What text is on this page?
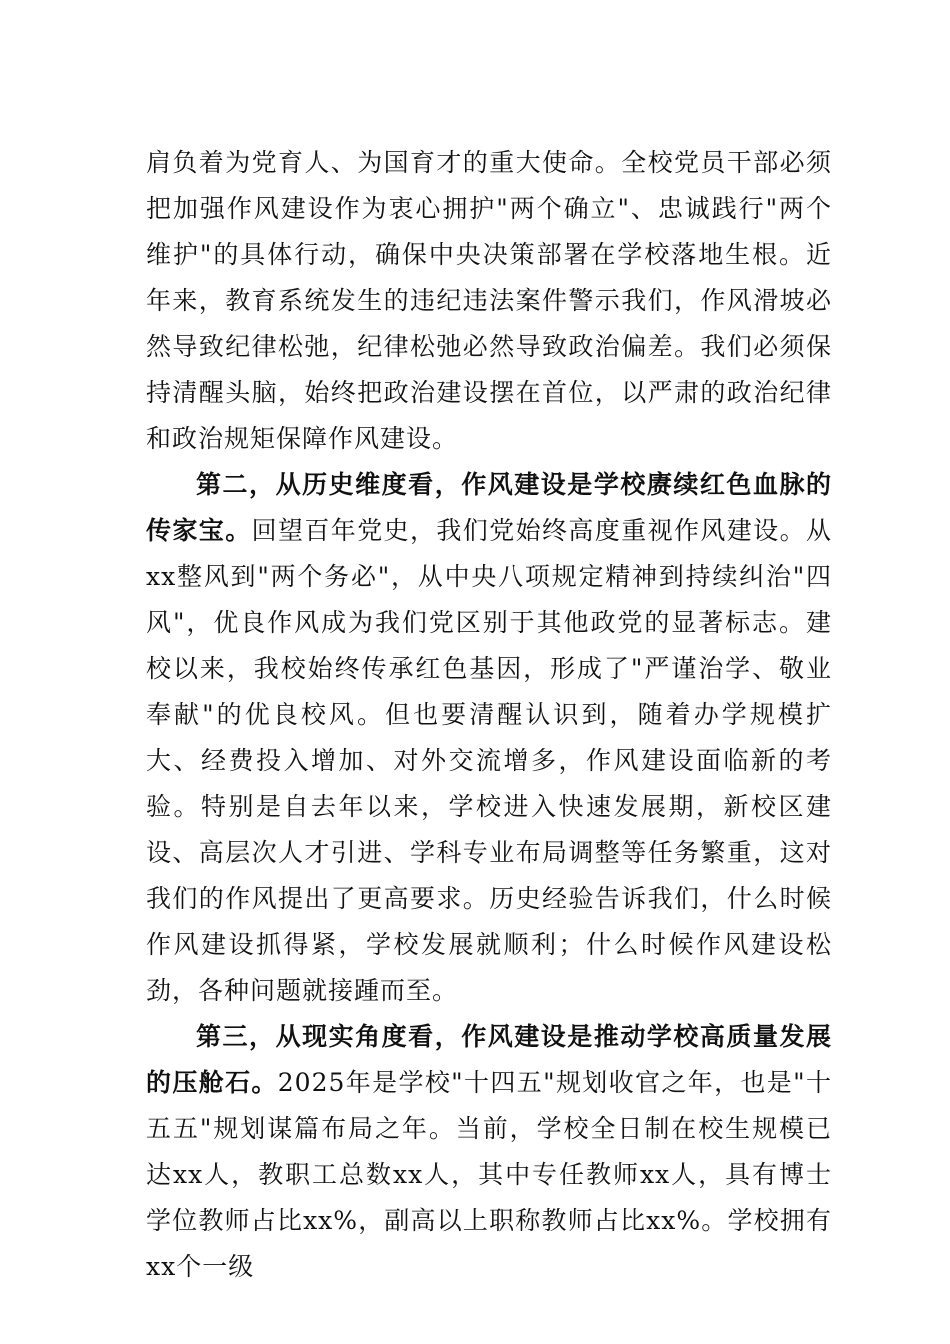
肩负着为党育人、为国育才的重大使命。全校党员干部必须把加强作风建设作为衷心拥护"两个确立"、忠诚践行"两个维护"的具体行动，确保中央决策部署在学校落地生根。近年来，教育系统发生的违纪违法案件警示我们，作风滑坡必然导致纪律松弛，纪律松弛必然导致政治偏差。我们必须保持清醒头脑，始终把政治建设摆在首位，以严肃的政治纪律和政治规矩保障作风建设。

第二，从历史维度看，作风建设是学校赓续红色血脉的传家宝。回望百年党史，我们党始终高度重视作风建设。从xx整风到"两个务必"，从中央八项规定精神到持续纠治"四风"，优良作风成为我们党区别于其他政党的显著标志。建校以来，我校始终传承红色基因，形成了"严谨治学、敬业奉献"的优良校风。但也要清醒认识到，随着办学规模扩大、经费投入增加、对外交流增多，作风建设面临新的考验。特别是自去年以来，学校进入快速发展期，新校区建设、高层次人才引进、学科专业布局调整等任务繁重，这对我们的作风提出了更高要求。历史经验告诉我们，什么时候作风建设抓得紧，学校发展就顺利；什么时候作风建设松劲，各种问题就接踵而至。

第三，从现实角度看，作风建设是推动学校高质量发展的压舱石。2025年是学校"十四五"规划收官之年，也是"十五五"规划谋篇布局之年。当前，学校全日制在校生规模已达xx人，教职工总数xx人，其中专任教师xx人，具有博士学位教师占比xx%，副高以上职称教师占比xx%。学校拥有xx个一级
